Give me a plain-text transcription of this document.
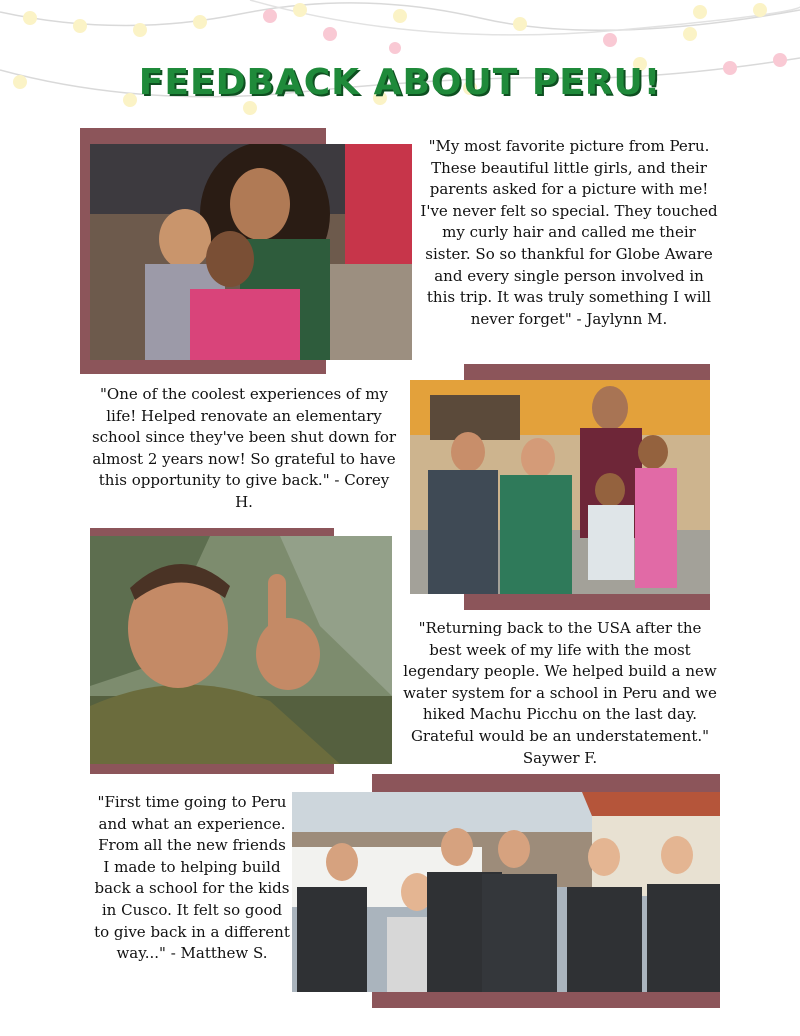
FEEDBACK ABOUT PERU!

"My most favorite picture from Peru. These beautiful little girls, and their parents asked for a picture with me! I've never felt so special. They touched my curly hair and called me their sister. So so thankful for Globe Aware and every single person involved in this trip. It was truly something I will never forget" - Jaylynn M.

"One of the coolest experiences of my life! Helped renovate an elementary school since they've been shut down for almost 2 years now! So grateful to have this opportunity to give back." - Corey H.

"Returning back to the USA after the best week of my life with the most legendary people. We helped build a new water system for a school in Peru and we hiked Machu Picchu on the last day. Grateful would be an understatement." Saywer F.

"First time going to Peru and what an experience. From all the new friends I made to helping build back a school for the kids in Cusco. It felt so good to give back in a different way..." - Matthew S.
